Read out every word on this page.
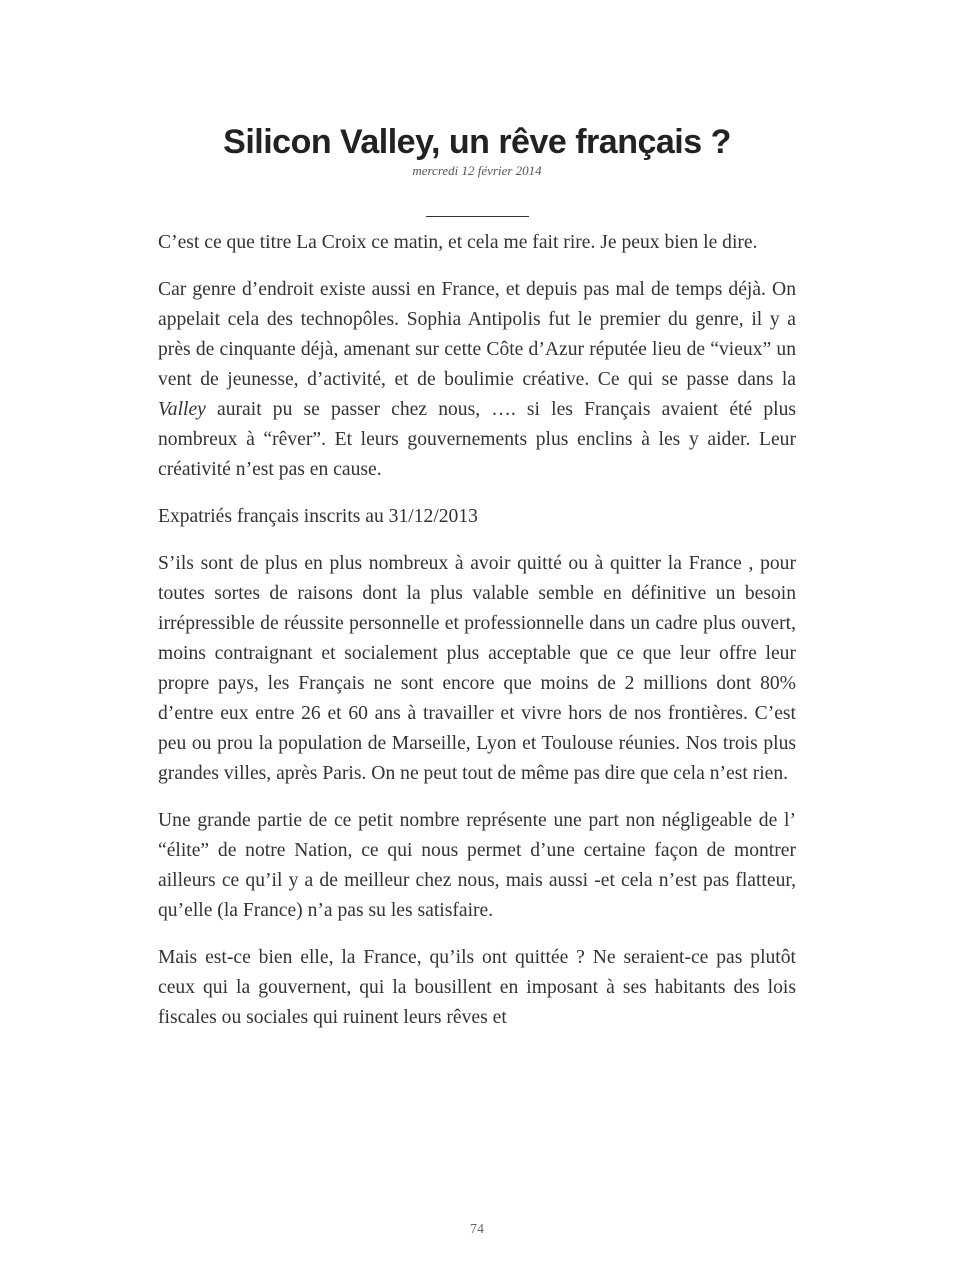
Silicon Valley, un rêve français ?
mercredi 12 février 2014

C’est ce que titre La Croix ce matin, et cela me fait rire. Je peux bien le dire.

Car genre d’endroit existe aussi en France, et depuis pas mal de temps déjà. On appelait cela des technopôles. Sophia Antipolis fut le premier du genre, il y a près de cinquante déjà, amenant sur cette Côte d’Azur réputée lieu de “vieux” un vent de jeunesse, d’activité, et de boulimie créative. Ce qui se passe dans la Valley aurait pu se passer chez nous, …. si les Français avaient été plus nombreux à “rêver”. Et leurs gouvernements plus enclins à les y aider. Leur créativité n’est pas en cause.

Expatriés français inscrits au 31/12/2013

S’ils sont de plus en plus nombreux à avoir quitté ou à quitter la France , pour toutes sortes de raisons dont la plus valable semble en définitive un besoin irrépressible de réussite personnelle et professionnelle dans un cadre plus ouvert, moins contraignant et socialement plus acceptable que ce que leur offre leur propre pays, les Français ne sont encore que moins de 2 millions dont 80% d’entre eux entre 26 et 60 ans à travailler et vivre hors de nos frontières. C’est peu ou prou la population de Marseille, Lyon et Toulouse réunies. Nos trois plus grandes villes, après Paris. On ne peut tout de même pas dire que cela n’est rien.

Une grande partie de ce petit nombre représente une part non négligeable de l’ “élite” de notre Nation, ce qui nous permet d’une certaine façon de montrer ailleurs ce qu’il y a de meilleur chez nous, mais aussi -et cela n’est pas flatteur, qu’elle (la France) n’a pas su les satisfaire.

Mais est-ce bien elle, la France, qu’ils ont quittée ? Ne seraient-ce pas plutôt ceux qui la gouvernent, qui la bousillent en imposant à ses habitants des lois fiscales ou sociales qui ruinent leurs rêves et

74
